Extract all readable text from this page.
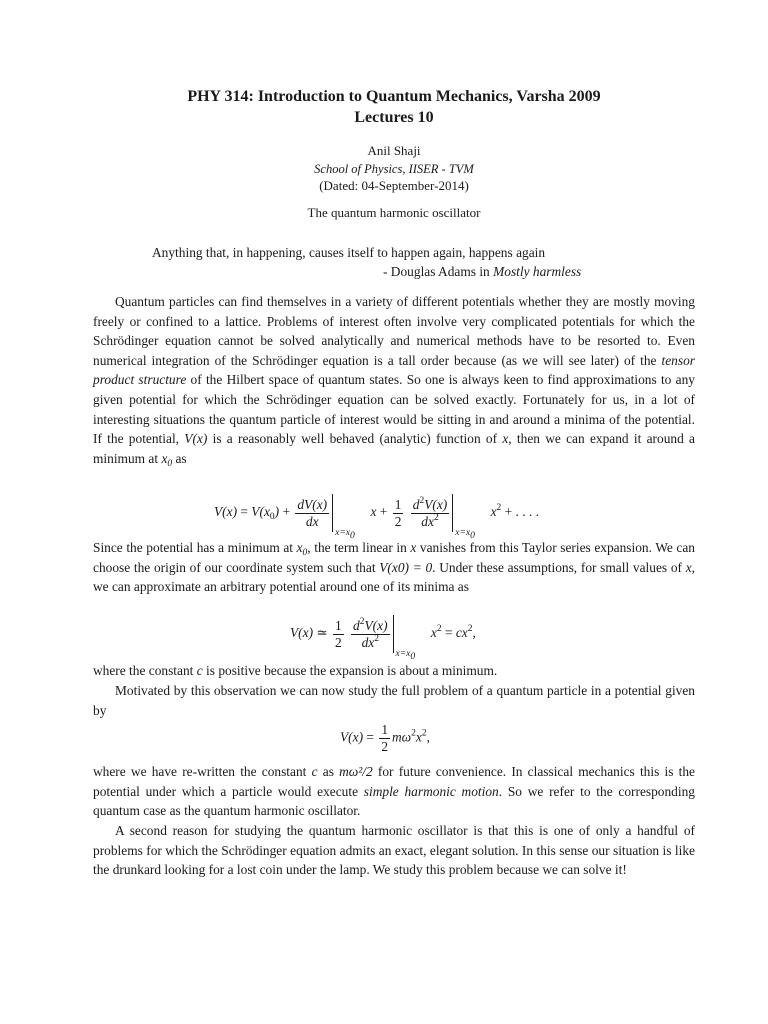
PHY 314: Introduction to Quantum Mechanics, Varsha 2009
Lectures 10
Anil Shaji
School of Physics, IISER - TVM
(Dated: 04-September-2014)
The quantum harmonic oscillator
Anything that, in happening, causes itself to happen again, happens again
- Douglas Adams in Mostly harmless

Quantum particles can find themselves in a variety of different potentials whether they are mostly moving freely or confined to a lattice. Problems of interest often involve very complicated potentials for which the Schrödinger equation cannot be solved analytically and numerical methods have to be resorted to. Even numerical integration of the Schrödinger equation is a tall order because (as we will see later) of the tensor product structure of the Hilbert space of quantum states. So one is always keen to find approximations to any given potential for which the Schrödinger equation can be solved exactly. Fortunately for us, in a lot of interesting situations the quantum particle of interest would be sitting in and around a minima of the potential. If the potential, V(x) is a reasonably well behaved (analytic) function of x, then we can expand it around a minimum at $x_0$ as

$V(x) = V(x_0) + \frac{dV(x)}{dx}$
$x=x_0$
$x + \frac{1}{2}$
$\frac{d^2V(x)}{dx^2}$
$x=x_0$
$x^2$ + . . . .

Since the potential has a minimum at $x_0$, the term linear in x vanishes from this Taylor series expansion. We can choose the origin of our coordinate system such that V(x0) = 0. Under these assumptions, for small values of x, we can approximate an arbitrary potential around one of its minima as

V(x) ≃ $\frac{1}{2}$
$\frac{d^2V(x)}{dx^2}$
$x=x_0$
$x^2 = cx^2$,

where the constant c is positive because the expansion is about a minimum.

Motivated by this observation we can now study the full problem of a quantum particle in a potential given by

$V(x) = \frac{1}{2} m\omega^2x^2$,

where we have re-written the constant c as mω²/2 for future convenience. In classical mechanics this is the potential under which a particle would execute simple harmonic motion. So we refer to the corresponding quantum case as the quantum harmonic oscillator.

A second reason for studying the quantum harmonic oscillator is that this is one of only a handful of problems for which the Schrödinger equation admits an exact, elegant solution. In this sense our situation is like the drunkard looking for a lost coin under the lamp. We study this problem because we can solve it!
